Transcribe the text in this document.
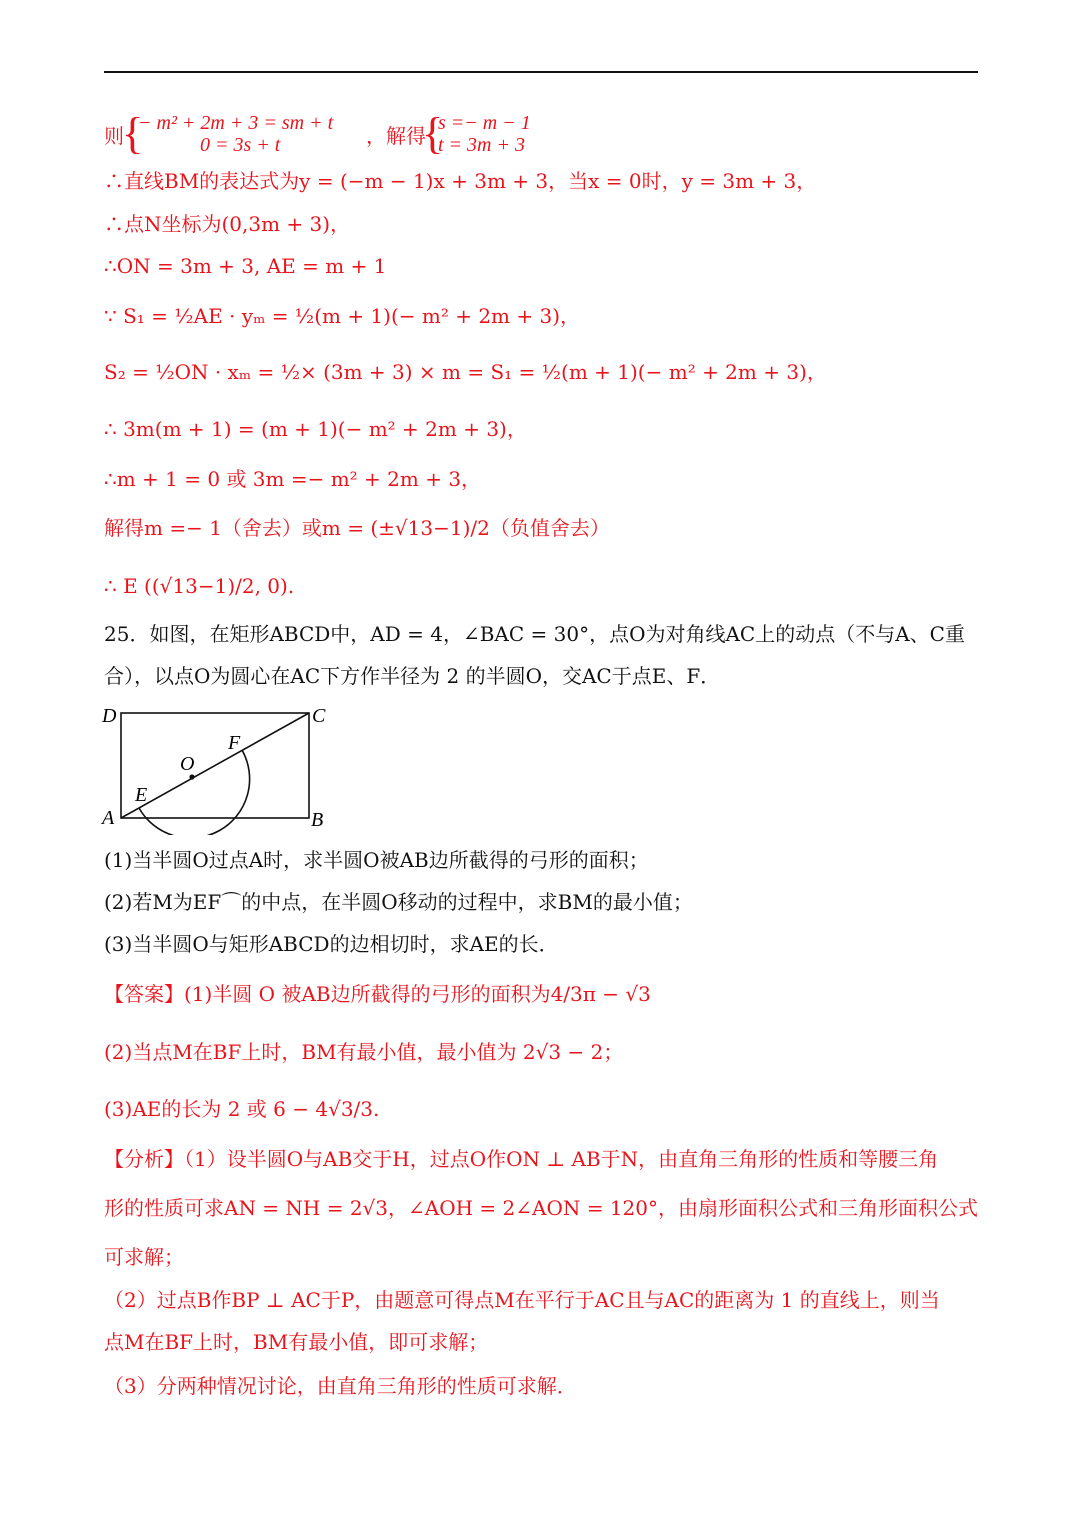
则
{
− m² + 2m + 3 = sm + t
0 = 3s + t	，解得
{
s =− m − 1
t = 3m + 3
∴直线BM的表达式为y = (−m − 1)x + 3m + 3，当x = 0时，y = 3m + 3，
∴点N坐标为(0,3m + 3)，
∴ON = 3m + 3, AE = m + 1
∵ S₁ = ½AE · yₘ = ½(m + 1)(− m² + 2m + 3)，
S₂ = ½ON · xₘ = ½× (3m + 3) × m = S₁ = ½(m + 1)(− m² + 2m + 3)，
∴ 3m(m + 1) = (m + 1)(− m² + 2m + 3)，
∴m + 1 = 0 或 3m =− m² + 2m + 3，
解得m =− 1（舍去）或m = (±√13−1)/2（负值舍去）
∴ E ((√13−1)/2, 0).
25．如图，在矩形ABCD中，AD = 4，∠BAC = 30°，点O为对角线AC上的动点（不与A、C重
合），以点O为圆心在AC下方作半径为 2 的半圆O，交AC于点E、F．
A	B
C
D
E
F
O
(1)当半圆O过点A时，求半圆O被AB边所截得的弓形的面积；
(2)若M为EF⌒的中点，在半圆O移动的过程中，求BM的最小值；
(3)当半圆O与矩形ABCD的边相切时，求AE的长．
【答案】(1)半圆 O 被AB边所截得的弓形的面积为4/3π − √3
(2)当点M在BF上时，BM有最小值，最小值为 2√3 − 2；
(3)AE的长为 2 或 6 − 4√3/3.
【分析】（1）设半圆O与AB交于H，过点O作ON ⊥ AB于N，由直角三角形的性质和等腰三角
形的性质可求AN = NH = 2√3，∠AOH = 2∠AON = 120°，由扇形面积公式和三角形面积公式
可求解；
（2）过点B作BP ⊥ AC于P，由题意可得点M在平行于AC且与AC的距离为 1 的直线上，则当
点M在BF上时，BM有最小值，即可求解；
（3）分两种情况讨论，由直角三角形的性质可求解．
